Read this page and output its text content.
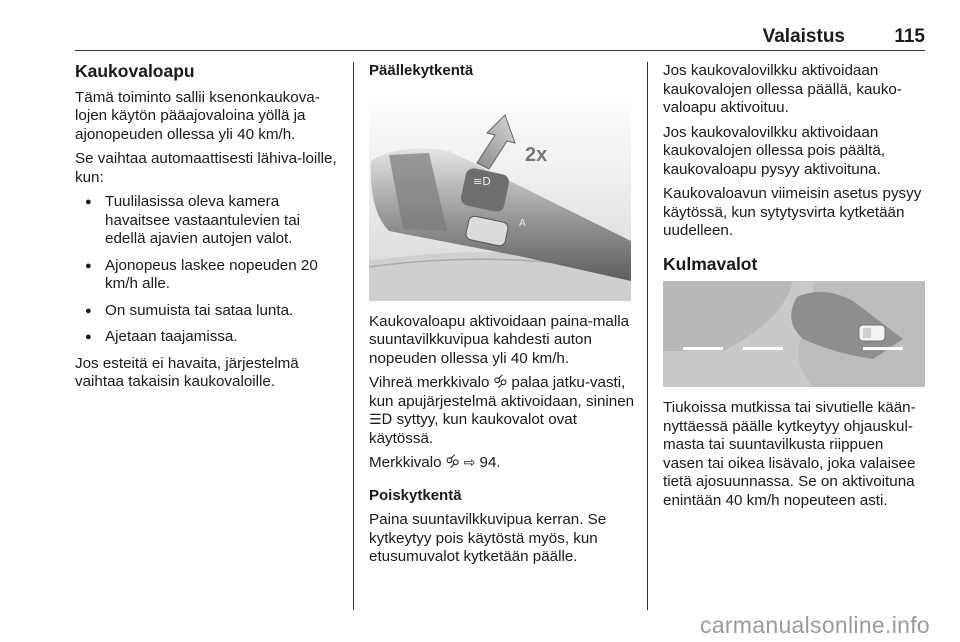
Valaistus	115
Kaukovaloapu

Tämä toiminto sallii ksenonkaukova-lojen käytön pääajovaloina yöllä ja ajonopeuden ollessa yli 40 km/h.

Se vaihtaa automaattisesti lähiva-loille, kun:

● Tuulilasissa oleva kamera havaitsee vastaantulevien tai edellä ajavien autojen valot.
● Ajonopeus laskee nopeuden 20 km/h alle.
● On sumuista tai sataa lunta.
● Ajetaan taajamissa.

Jos esteitä ei havaita, järjestelmä vaihtaa takaisin kaukovaloille.

Päällekytkentä
≡D
A
2x

Kaukovaloapu aktivoidaan paina-malla suuntavilkkuvipua kahdesti auton nopeuden ollessa yli 40 km/h.

Vihreä merkkivalo 🝰 palaa jatku-vasti, kun apujärjestelmä aktivoidaan, sininen ☰D syttyy, kun kaukovalot ovat käytössä.

Merkkivalo 🝰 ⇨ 94.

Poiskytkentä

Paina suuntavilkkuvipua kerran. Se kytkeytyy pois käytöstä myös, kun etusumuvalot kytketään päälle.

Jos kaukovalovilkku aktivoidaan kaukovalojen ollessa päällä, kauko-valoapu aktivoituu.

Jos kaukovalovilkku aktivoidaan kaukovalojen ollessa pois päältä, kaukovaloapu pysyy aktivoituna.

Kaukovaloavun viimeisin asetus pysyy käytössä, kun sytytysvirta kytketään uudelleen.

Kulmavalot

Tiukoissa mutkissa tai sivutielle kään-nyttäessä päälle kytkeytyy ohjauskul-masta tai suuntavilkusta riippuen vasen tai oikea lisävalo, joka valaisee tietä ajosuunnassa. Se on aktivoituna enintään 40 km/h nopeuteen asti.

carmanualsonline.info
